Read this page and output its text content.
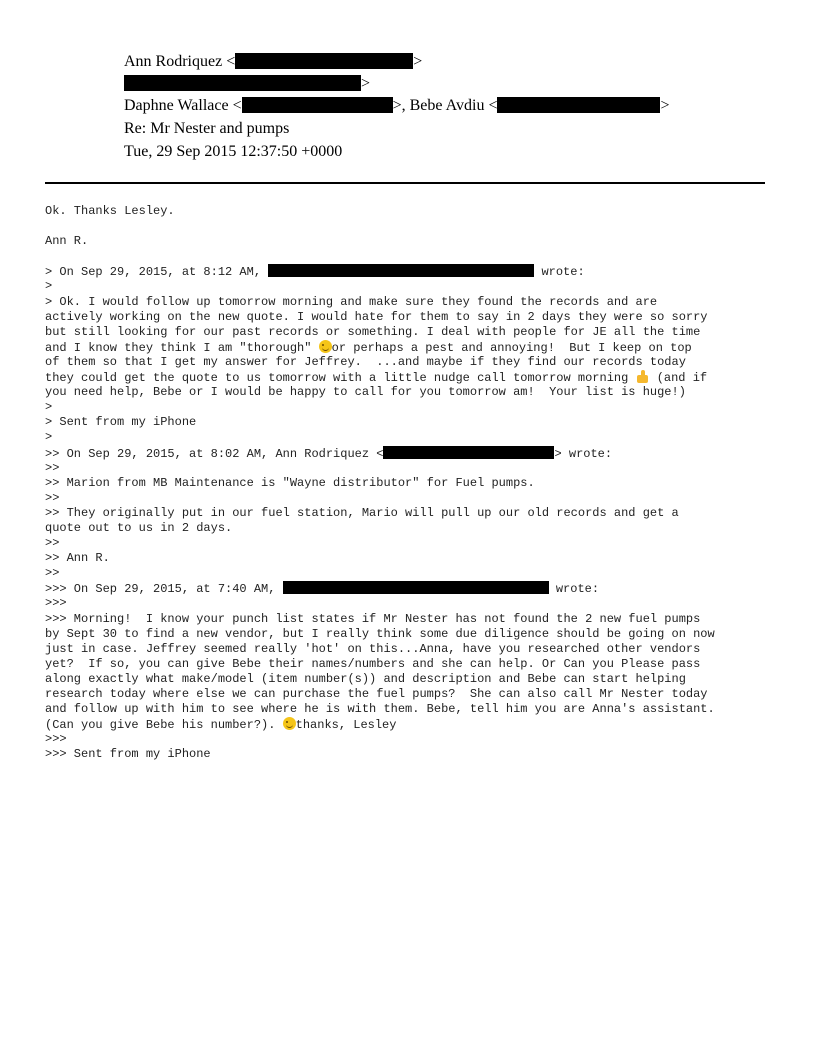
Ann Rodriquez <	>
>
Daphne Wallace <	>, Bebe Avdiu <	>
Re: Mr Nester and pumps
Tue, 29 Sep 2015 12:37:50 +0000
Ok. Thanks Lesley.
Ann R.
> On Sep 29, 2015, at 8:12 AM,	wrote:
>
> Ok. I would follow up tomorrow morning and make sure they found the records and are
actively working on the new quote. I would hate for them to say in 2 days they were so sorry
but still looking for our past records or something. I deal with people for JE all the time
and I know they think I am "thorough" or perhaps a pest and annoying!  But I keep on top
of them so that I get my answer for Jeffrey.  ...and maybe if they find our records today
they could get the quote to us tomorrow with a little nudge call tomorrow morning  (and if
you need help, Bebe or I would be happy to call for you tomorrow am!  Your list is huge!)
>
> Sent from my iPhone
>
>> On Sep 29, 2015, at 8:02 AM, Ann Rodriquez <	> wrote:
>>
>> Marion from MB Maintenance is "Wayne distributor" for Fuel pumps.
>>
>> They originally put in our fuel station, Mario will pull up our old records and get a
quote out to us in 2 days.
>>
>> Ann R.
>>
>>> On Sep 29, 2015, at 7:40 AM,	wrote:
>>>
>>> Morning!  I know your punch list states if Mr Nester has not found the 2 new fuel pumps
by Sept 30 to find a new vendor, but I really think some due diligence should be going on now
just in case. Jeffrey seemed really 'hot' on this...Anna, have you researched other vendors
yet?  If so, you can give Bebe their names/numbers and she can help. Or Can you Please pass
along exactly what make/model (item number(s)) and description and Bebe can start helping
research today where else we can purchase the fuel pumps?  She can also call Mr Nester today
and follow up with him to see where he is with them. Bebe, tell him you are Anna's assistant.
(Can you give Bebe his number?). thanks, Lesley
>>>
>>> Sent from my iPhone
